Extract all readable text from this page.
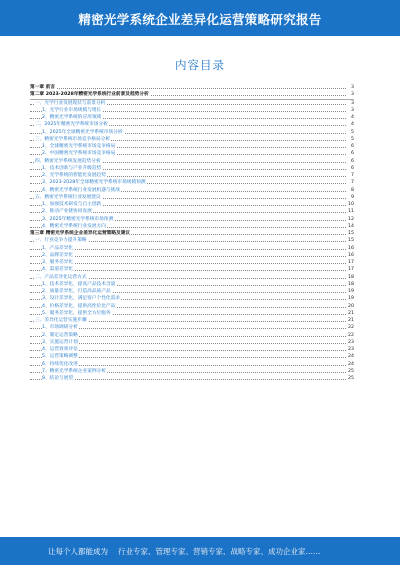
精密光学系统企业差异化运营策略研究报告
内容目录
第一章 前言	3
第二章 2023-2028年精密光学系统行业前景及趋势分析	3
一、光学行业发展现状与前景分析	3
1、光学行业市场规模与增长	3
2、精密光学系统的应用领域	4
二、2025年精密光学系统市场分析	4
1、2025年全球精密光学系统市场分析	5
三、精密光学系统市场竞争格局分析	5
1、全球精密光学系统市场竞争格局	6
2、中国精密光学系统市场竞争格局	6
四、精密光学系统发展趋势分析	6
1、技术创新与产业升级趋势	6
2、光学系统的智能化发展趋势	7
3、2023-2028年全球精密光学系统市场规模预测	7
4、精密光学系统行业发展机遇与挑战	8
五、精密光学系统行业发展建议	9
1、加强技术研发与自主创新	10
2、推动产业链协同发展	11
3、2025年精密光学系统市场预测	12
4、精密光学系统行业发展方向	14
第三章 精密光学系统企业差异化运营策略及建议	15
一、行业竞争力提升策略	15
1、产品差异化	16
2、品牌差异化	16
3、服务差异化	17
4、渠道差异化	17
二、产品差异化运营方式	18
1、技术差异化，提高产品技术含量	18
2、质量差异化，打造高品质产品	19
3、设计差异化，满足客户个性化需求	19
4、价格差异化，提供高性价比产品	20
5、服务差异化，提供全方位服务	21
三、差异化运营实施步骤	21
1、市场调研分析	22
2、制定运营策略	22
3、实施运营计划	23
4、运营效果评估	23
5、运营策略调整	24
6、持续优化改进	24
7、精密光学系统企业案例分析	25
8、结论与展望	25
让每个人都能成为 行业专家、管理专家、营销专家、战略专家、成功企业家……
